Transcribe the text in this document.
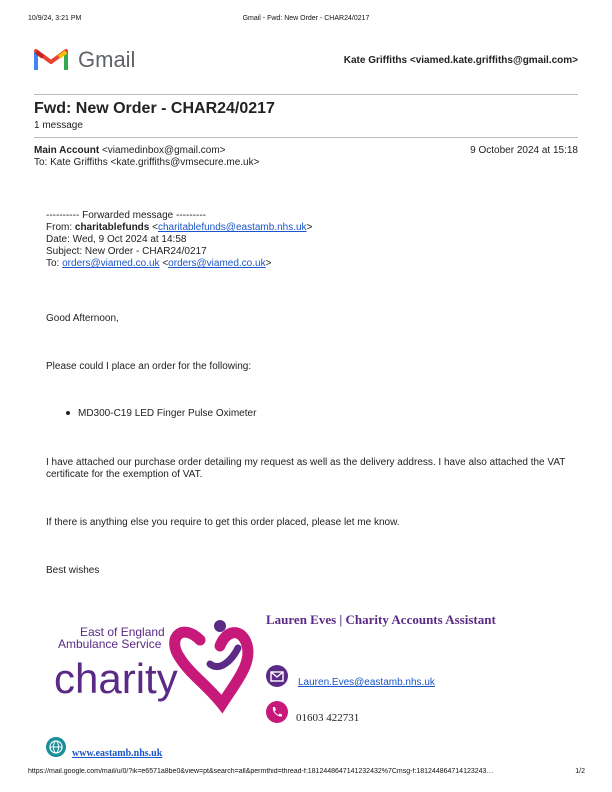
10/9/24, 3:21 PM	Gmail - Fwd: New Order - CHAR24/0217
Gmail	Kate Griffiths <viamed.kate.griffiths@gmail.com>
Fwd: New Order - CHAR24/0217
1 message
Main Account <viamedinbox@gmail.com>	9 October 2024 at 15:18
To: Kate Griffiths <kate.griffiths@vmsecure.me.uk>
---------- Forwarded message ---------
From: charitablefunds <charitablefunds@eastamb.nhs.uk>
Date: Wed, 9 Oct 2024 at 14:58
Subject: New Order - CHAR24/0217
To: orders@viamed.co.uk <orders@viamed.co.uk>
Good Afternoon,
Please could I place an order for the following:
MD300-C19 LED Finger Pulse Oximeter
I have attached our purchase order detailing my request as well as the delivery address. I have also attached the VAT certificate for the exemption of VAT.
If there is anything else you require to get this order placed, please let me know.
Best wishes
East of England
Ambulance Service
charity
Lauren Eves | Charity Accounts Assistant
Lauren.Eves@eastamb.nhs.uk
01603 422731
www.eastamb.nhs.uk
https://mail.google.com/mail/u/0/?ik=e6571a8be0&view=pt&search=all&permthid=thread-f:1812448647141232432%7Cmsg-f:181244864714123243…	1/2
